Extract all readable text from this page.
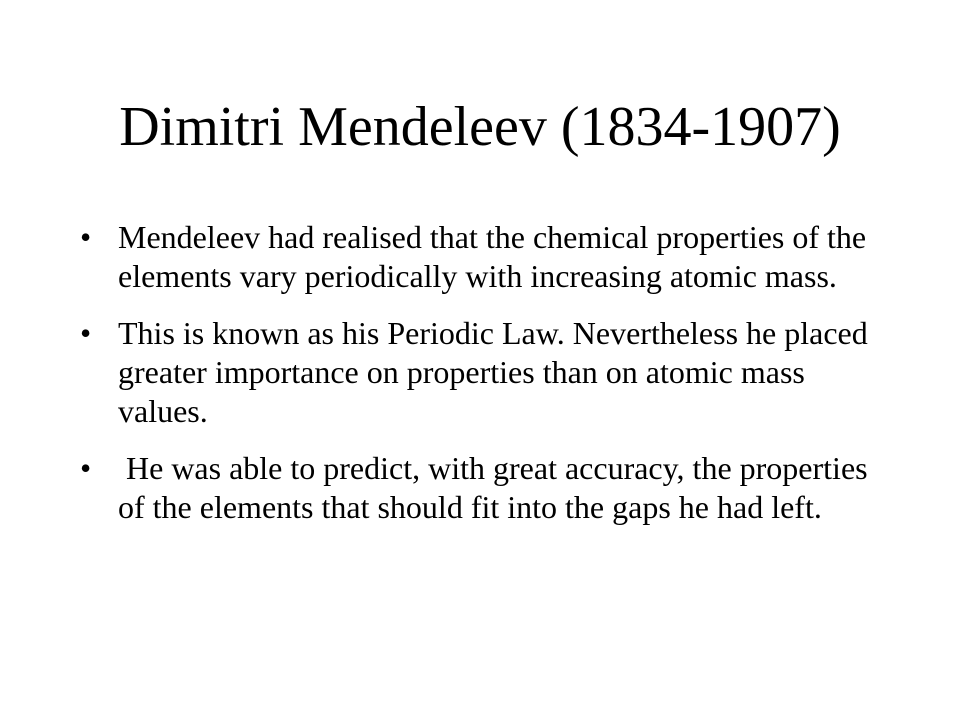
Dimitri Mendeleev (1834-1907)
• Mendeleev had realised that the chemical properties of the elements vary periodically with increasing atomic mass.
• This is known as his Periodic Law. Nevertheless he placed greater importance on properties than on atomic mass values.
• He was able to predict, with great accuracy, the properties of the elements that should fit into the gaps he had left.
